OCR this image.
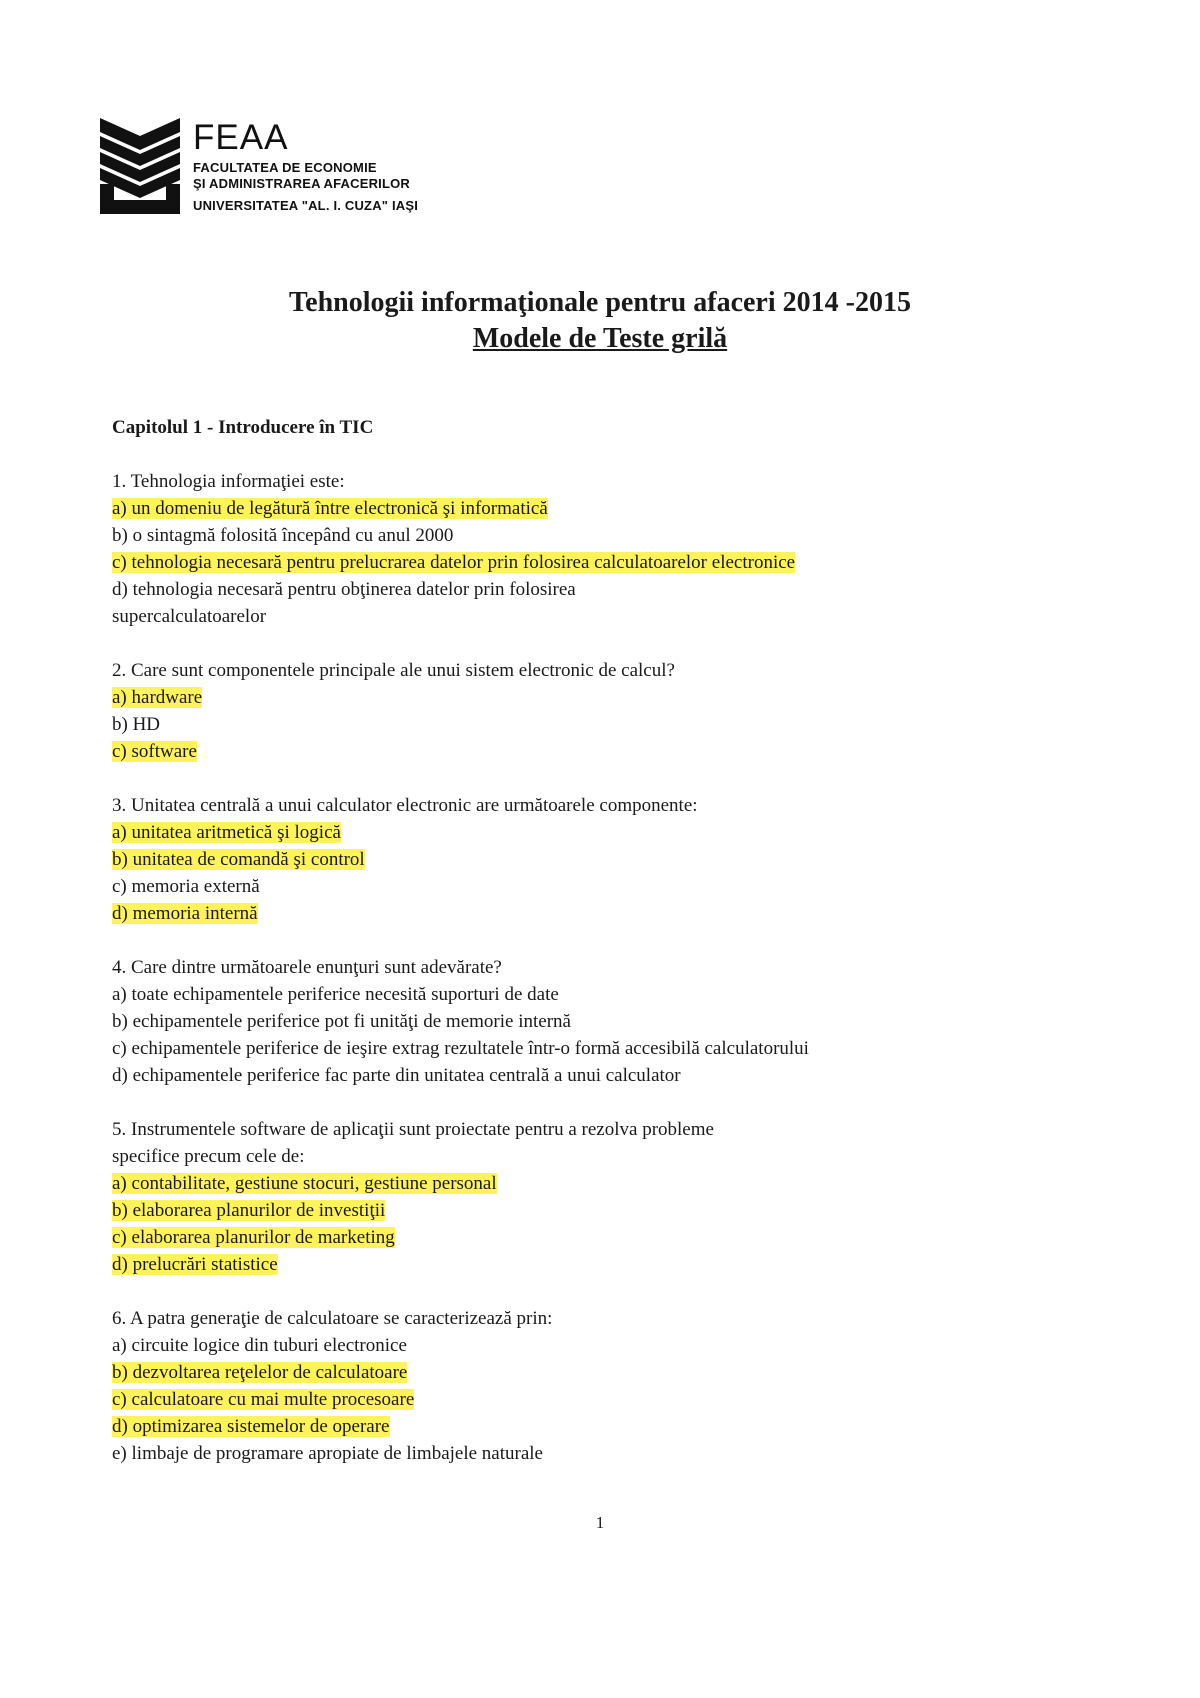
FEAA
FACULTATEA DE ECONOMIE
ŞI ADMINISTRAREA AFACERILOR
UNIVERSITATEA "AL. I. CUZA" IAŞI
Tehnologii informaţionale pentru afaceri 2014 -2015
Modele de Teste grilă
Capitolul 1 - Introducere în TIC
1. Tehnologia informaţiei este:
a) un domeniu de legătură între electronică şi informatică
b) o sintagmă folosită începând cu anul 2000
c) tehnologia necesară pentru prelucrarea datelor prin folosirea calculatoarelor electronice
d) tehnologia necesară pentru obţinerea datelor prin folosirea
supercalculatoarelor
2. Care sunt componentele principale ale unui sistem electronic de calcul?
a) hardware
b) HD
c) software
3. Unitatea centrală a unui calculator electronic are următoarele componente:
a) unitatea aritmetică şi logică
b) unitatea de comandă şi control
c) memoria externă
d) memoria internă
4. Care dintre următoarele enunţuri sunt adevărate?
a) toate echipamentele periferice necesită suporturi de date
b) echipamentele periferice pot fi unităţi de memorie internă
c) echipamentele periferice de ieşire extrag rezultatele într-o formă accesibilă calculatorului
d) echipamentele periferice fac parte din unitatea centrală a unui calculator
5. Instrumentele software de aplicaţii sunt proiectate pentru a rezolva probleme
specifice precum cele de:
a) contabilitate, gestiune stocuri, gestiune personal
b) elaborarea planurilor de investiţii
c) elaborarea planurilor de marketing
d) prelucrări statistice
6. A patra generaţie de calculatoare se caracterizează prin:
a) circuite logice din tuburi electronice
b) dezvoltarea reţelelor de calculatoare
c) calculatoare cu mai multe procesoare
d) optimizarea sistemelor de operare
e) limbaje de programare apropiate de limbajele naturale
1
